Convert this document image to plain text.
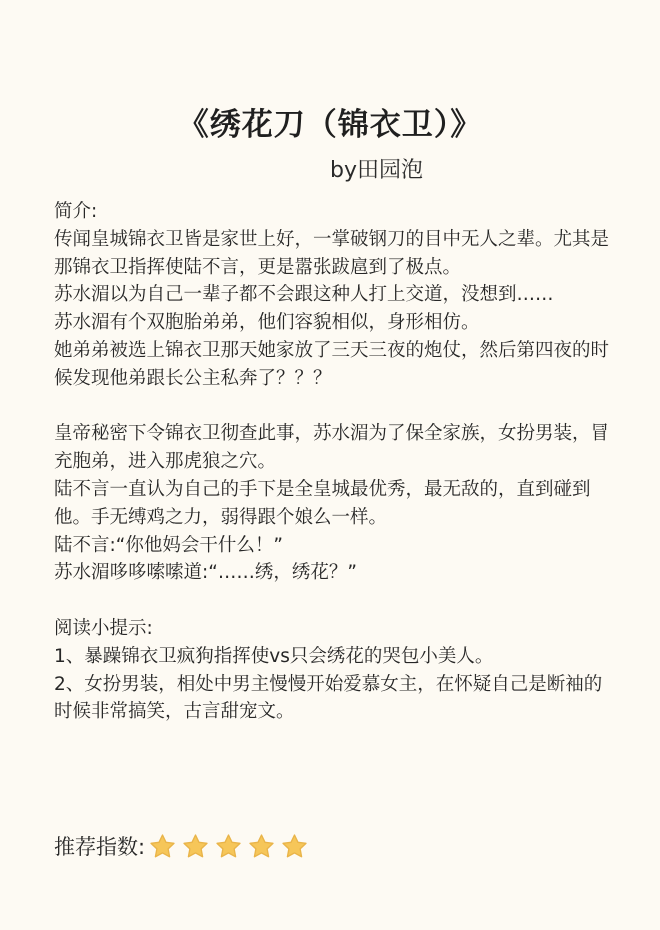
《绣花刀（锦衣卫）》
by田园泡

简介:

传闻皇城锦衣卫皆是家世上好，一掌破钢刀的目中无人之辈。尤其是那锦衣卫指挥使陆不言，更是嚣张跋扈到了极点。

苏水湄以为自己一辈子都不会跟这种人打上交道，没想到……

苏水湄有个双胞胎弟弟，他们容貌相似，身形相仿。

她弟弟被选上锦衣卫那天她家放了三天三夜的炮仗，然后第四夜的时候发现他弟跟长公主私奔了？？？

皇帝秘密下令锦衣卫彻查此事，苏水湄为了保全家族，女扮男装，冒充胞弟，进入那虎狼之穴。

陆不言一直认为自己的手下是全皇城最优秀，最无敌的，直到碰到他。手无缚鸡之力，弱得跟个娘么一样。

陆不言:“你他妈会干什么！”

苏水湄哆哆嗦嗦道:“……绣，绣花？”

阅读小提示:

1、暴躁锦衣卫疯狗指挥使vs只会绣花的哭包小美人。

2、女扮男装，相处中男主慢慢开始爱慕女主，在怀疑自己是断袖的时候非常搞笑，古言甜宠文。

推荐指数:
